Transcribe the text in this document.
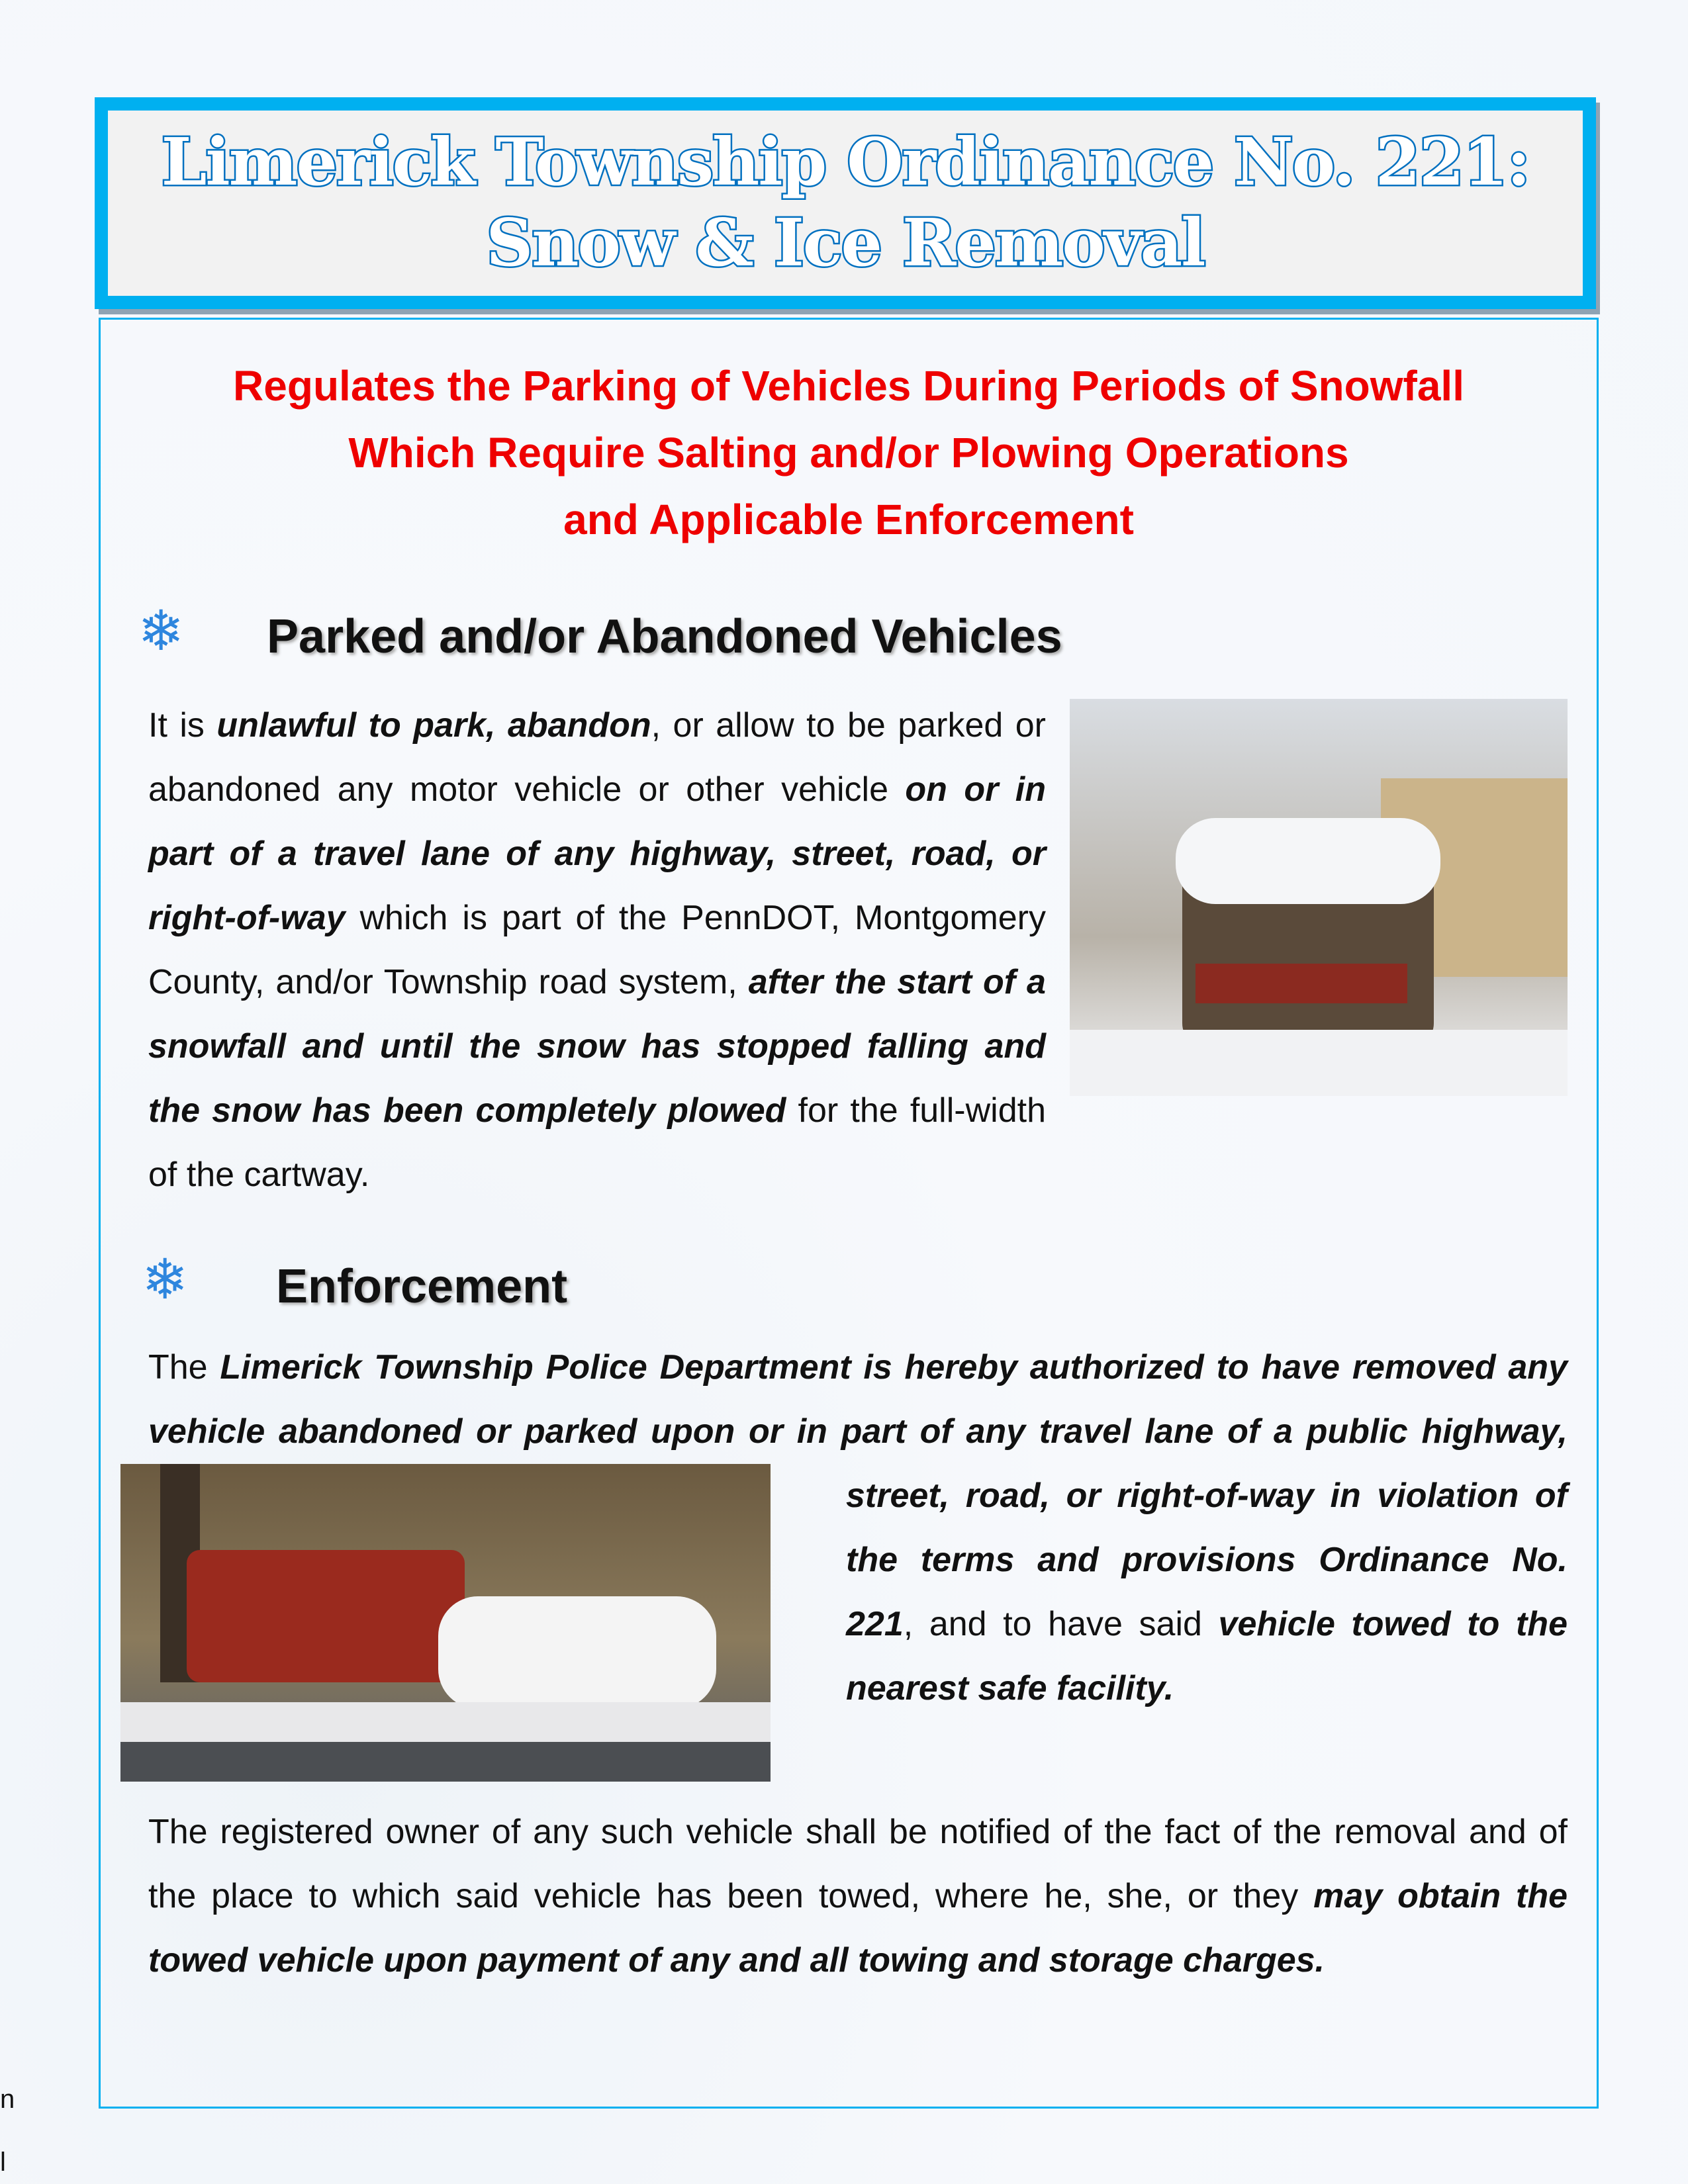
Limerick Township Ordinance No. 221:
Snow & Ice Removal
Regulates the Parking of Vehicles During Periods of Snowfall
Which Require Salting and/or Plowing Operations
and Applicable Enforcement
❄ Parked and/or Abandoned Vehicles
It is unlawful to park, abandon, or allow to be parked or abandoned any motor vehicle or other vehicle on or in part of a travel lane of any highway, street, road, or right-of-way which is part of the PennDOT, Montgomery County, and/or Township road system, after the start of a snowfall and until the snow has stopped falling and the snow has been completely plowed for the full-width of the cartway.
❄ Enforcement
The Limerick Township Police Department is hereby authorized to have removed any vehicle abandoned or parked upon or in part of any travel lane of a public highway, street, road, or right-of-way in violation of the terms and provisions Ordinance No. 221, and to have said vehicle towed to the nearest safe facility.
The registered owner of any such vehicle shall be notified of the fact of the removal and of the place to which said vehicle has been towed, where he, she, or they may obtain the towed vehicle upon payment of any and all towing and storage charges.
n
l
